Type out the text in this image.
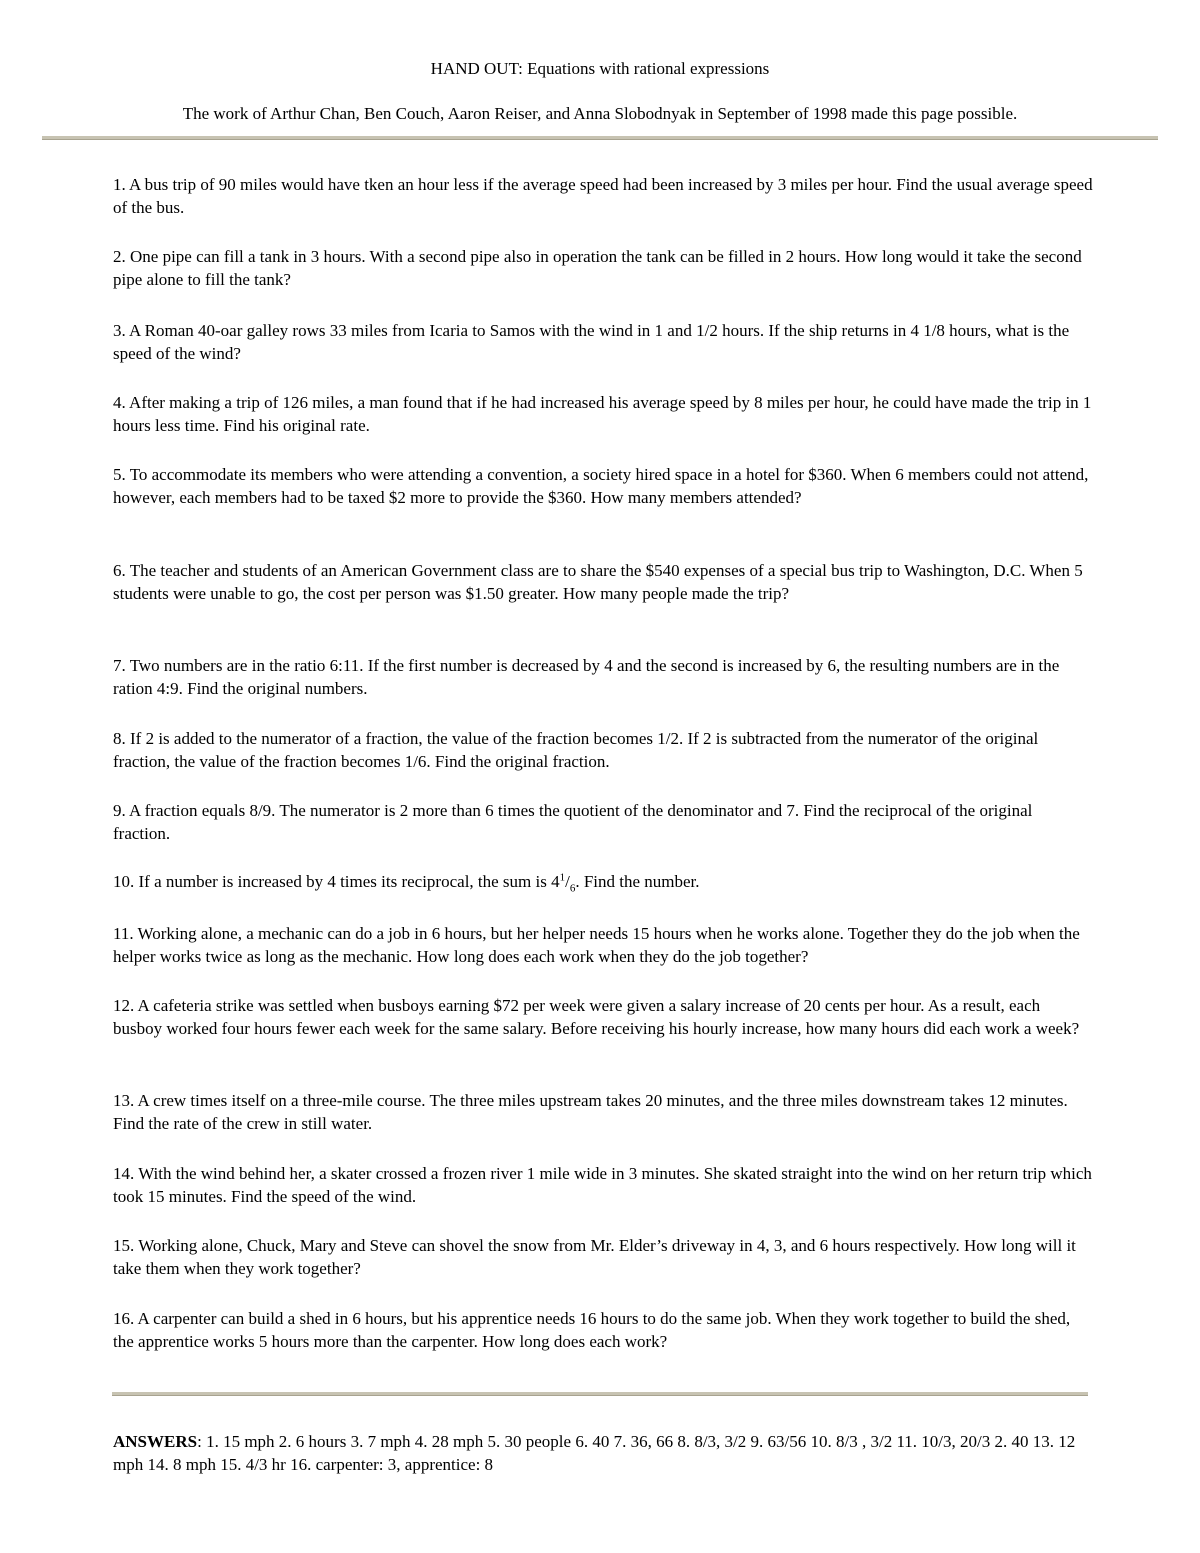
HAND OUT: Equations with rational expressions
The work of Arthur Chan, Ben Couch, Aaron Reiser, and Anna Slobodnyak in September of 1998 made this page possible.
1. A bus trip of 90 miles would have tken an hour less if the average speed had been increased by 3 miles per hour. Find the usual average speed of the bus.
2. One pipe can fill a tank in 3 hours. With a second pipe also in operation the tank can be filled in 2 hours. How long would it take the second pipe alone to fill the tank?
3. A Roman 40-oar galley rows 33 miles from Icaria to Samos with the wind in 1 and 1/2 hours. If the ship returns in 4 1/8 hours, what is the speed of the wind?
4. After making a trip of 126 miles, a man found that if he had increased his average speed by 8 miles per hour, he could have made the trip in 1 hours less time. Find his original rate.
5. To accommodate its members who were attending a convention, a society hired space in a hotel for $360. When 6 members could not attend, however, each members had to be taxed $2 more to provide the $360. How many members attended?
6. The teacher and students of an American Government class are to share the $540 expenses of a special bus trip to Washington, D.C. When 5 students were unable to go, the cost per person was $1.50 greater. How many people made the trip?
7. Two numbers are in the ratio 6:11. If the first number is decreased by 4 and the second is increased by 6, the resulting numbers are in the ration 4:9. Find the original numbers.
8. If 2 is added to the numerator of a fraction, the value of the fraction becomes 1/2. If 2 is subtracted from the numerator of the original fraction, the value of the fraction becomes 1/6. Find the original fraction.
9. A fraction equals 8/9. The numerator is 2 more than 6 times the quotient of the denominator and 7. Find the reciprocal of the original fraction.
10. If a number is increased by 4 times its reciprocal, the sum is $4^1/_6$. Find the number.
11. Working alone, a mechanic can do a job in 6 hours, but her helper needs 15 hours when he works alone. Together they do the job when the helper works twice as long as the mechanic. How long does each work when they do the job together?
12. A cafeteria strike was settled when busboys earning $72 per week were given a salary increase of 20 cents per hour. As a result, each busboy worked four hours fewer each week for the same salary. Before receiving his hourly increase, how many hours did each work a week?
13. A crew times itself on a three-mile course. The three miles upstream takes 20 minutes, and the three miles downstream takes 12 minutes. Find the rate of the crew in still water.
14. With the wind behind her, a skater crossed a frozen river 1 mile wide in 3 minutes. She skated straight into the wind on her return trip which took 15 minutes. Find the speed of the wind.
15. Working alone, Chuck, Mary and Steve can shovel the snow from Mr. Elder’s driveway in 4, 3, and 6 hours respectively. How long will it take them when they work together?
16. A carpenter can build a shed in 6 hours, but his apprentice needs 16 hours to do the same job. When they work together to build the shed, the apprentice works 5 hours more than the carpenter. How long does each work?
ANSWERS: 1. 15 mph 2. 6 hours 3. 7 mph 4. 28 mph 5. 30 people 6. 40 7. 36, 66 8. 8/3, 3/2 9. 63/56 10. 8/3 , 3/2 11. 10/3, 20/3 2. 40 13. 12 mph 14. 8 mph 15. 4/3 hr 16. carpenter: 3, apprentice: 8
